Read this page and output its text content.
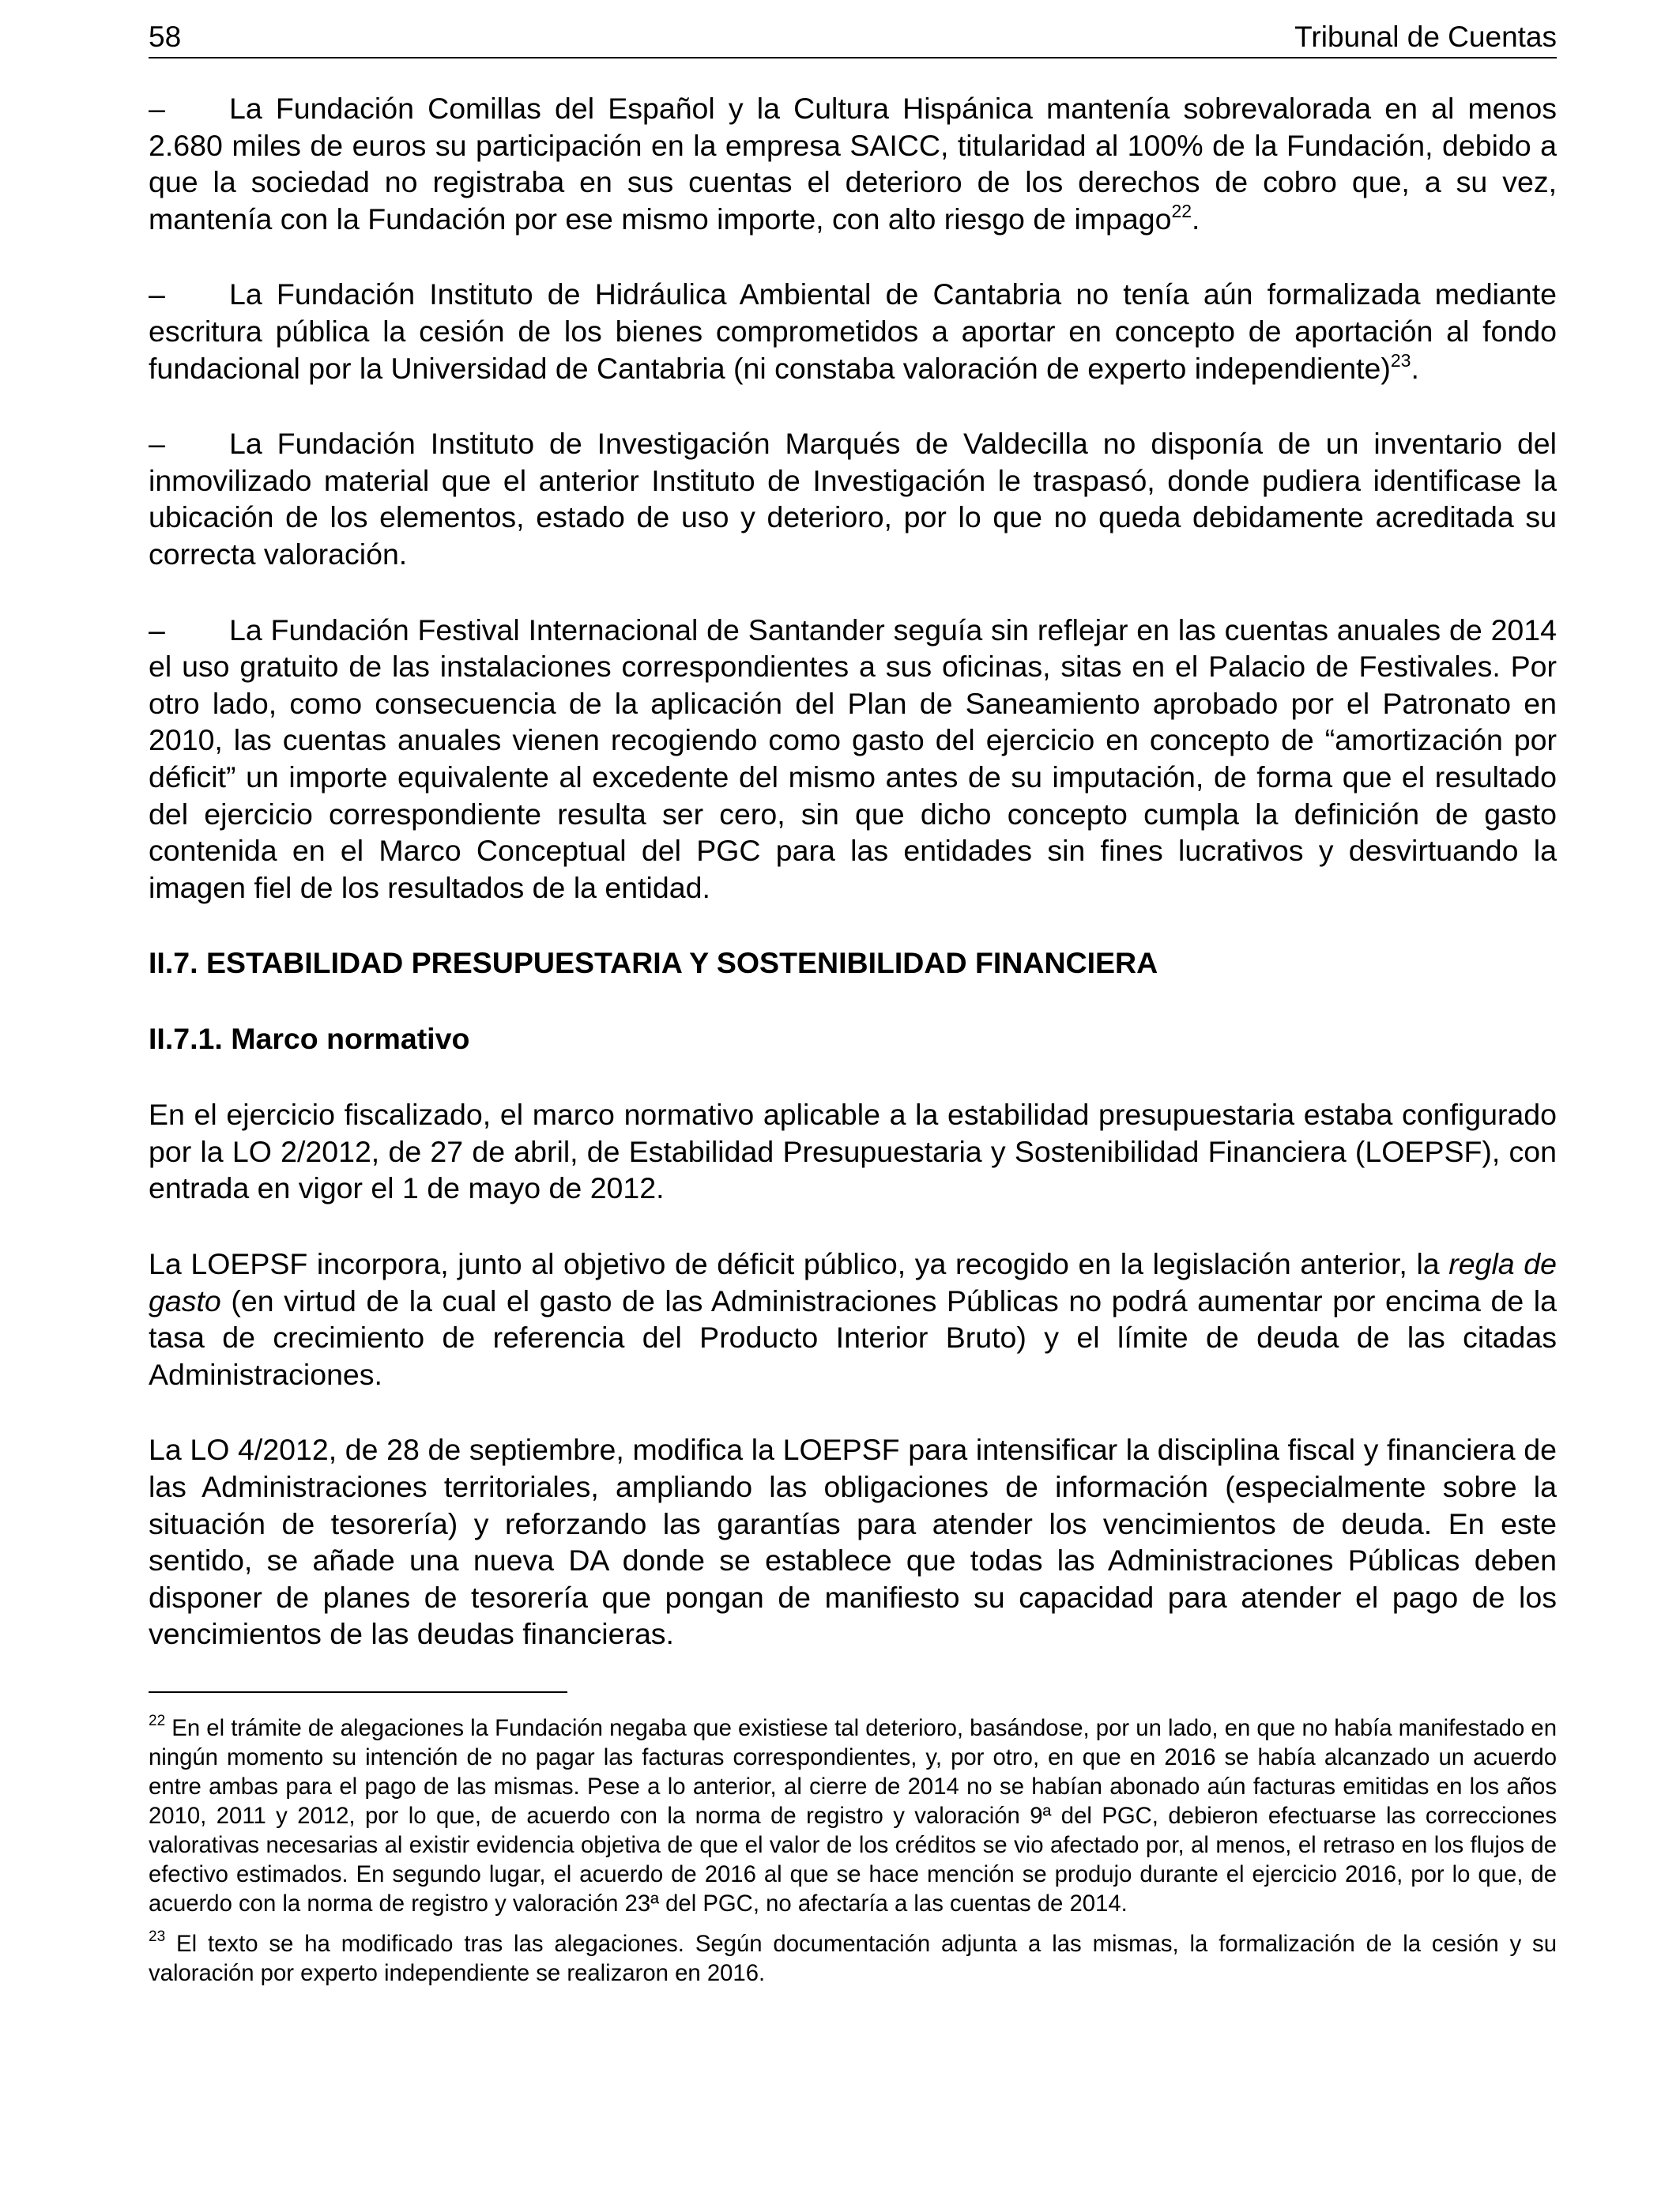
58	Tribunal de Cuentas

– La Fundación Comillas del Español y la Cultura Hispánica mantenía sobrevalorada en al menos 2.680 miles de euros su participación en la empresa SAICC, titularidad al 100% de la Fundación, debido a que la sociedad no registraba en sus cuentas el deterioro de los derechos de cobro que, a su vez, mantenía con la Fundación por ese mismo importe, con alto riesgo de impago$^{22}$.

– La Fundación Instituto de Hidráulica Ambiental de Cantabria no tenía aún formalizada mediante escritura pública la cesión de los bienes comprometidos a aportar en concepto de aportación al fondo fundacional por la Universidad de Cantabria (ni constaba valoración de experto independiente)$^{23}$.

– La Fundación Instituto de Investigación Marqués de Valdecilla no disponía de un inventario del inmovilizado material que el anterior Instituto de Investigación le traspasó, donde pudiera identificase la ubicación de los elementos, estado de uso y deterioro, por lo que no queda debidamente acreditada su correcta valoración.

– La Fundación Festival Internacional de Santander seguía sin reflejar en las cuentas anuales de 2014 el uso gratuito de las instalaciones correspondientes a sus oficinas, sitas en el Palacio de Festivales. Por otro lado, como consecuencia de la aplicación del Plan de Saneamiento aprobado por el Patronato en 2010, las cuentas anuales vienen recogiendo como gasto del ejercicio en concepto de “amortización por déficit” un importe equivalente al excedente del mismo antes de su imputación, de forma que el resultado del ejercicio correspondiente resulta ser cero, sin que dicho concepto cumpla la definición de gasto contenida en el Marco Conceptual del PGC para las entidades sin fines lucrativos y desvirtuando la imagen fiel de los resultados de la entidad.

II.7. ESTABILIDAD PRESUPUESTARIA Y SOSTENIBILIDAD FINANCIERA
II.7.1. Marco normativo

En el ejercicio fiscalizado, el marco normativo aplicable a la estabilidad presupuestaria estaba configurado por la LO 2/2012, de 27 de abril, de Estabilidad Presupuestaria y Sostenibilidad Financiera (LOEPSF), con entrada en vigor el 1 de mayo de 2012.

La LOEPSF incorpora, junto al objetivo de déficit público, ya recogido en la legislación anterior, la regla de gasto (en virtud de la cual el gasto de las Administraciones Públicas no podrá aumentar por encima de la tasa de crecimiento de referencia del Producto Interior Bruto) y el límite de deuda de las citadas Administraciones.

La LO 4/2012, de 28 de septiembre, modifica la LOEPSF para intensificar la disciplina fiscal y financiera de las Administraciones territoriales, ampliando las obligaciones de información (especialmente sobre la situación de tesorería) y reforzando las garantías para atender los vencimientos de deuda. En este sentido, se añade una nueva DA donde se establece que todas las Administraciones Públicas deben disponer de planes de tesorería que pongan de manifiesto su capacidad para atender el pago de los vencimientos de las deudas financieras.

$^{22}$ En el trámite de alegaciones la Fundación negaba que existiese tal deterioro, basándose, por un lado, en que no había manifestado en ningún momento su intención de no pagar las facturas correspondientes, y, por otro, en que en 2016 se había alcanzado un acuerdo entre ambas para el pago de las mismas. Pese a lo anterior, al cierre de 2014 no se habían abonado aún facturas emitidas en los años 2010, 2011 y 2012, por lo que, de acuerdo con la norma de registro y valoración 9ª del PGC, debieron efectuarse las correcciones valorativas necesarias al existir evidencia objetiva de que el valor de los créditos se vio afectado por, al menos, el retraso en los flujos de efectivo estimados. En segundo lugar, el acuerdo de 2016 al que se hace mención se produjo durante el ejercicio 2016, por lo que, de acuerdo con la norma de registro y valoración 23ª del PGC, no afectaría a las cuentas de 2014.
$^{23}$ El texto se ha modificado tras las alegaciones. Según documentación adjunta a las mismas, la formalización de la cesión y su valoración por experto independiente se realizaron en 2016.
